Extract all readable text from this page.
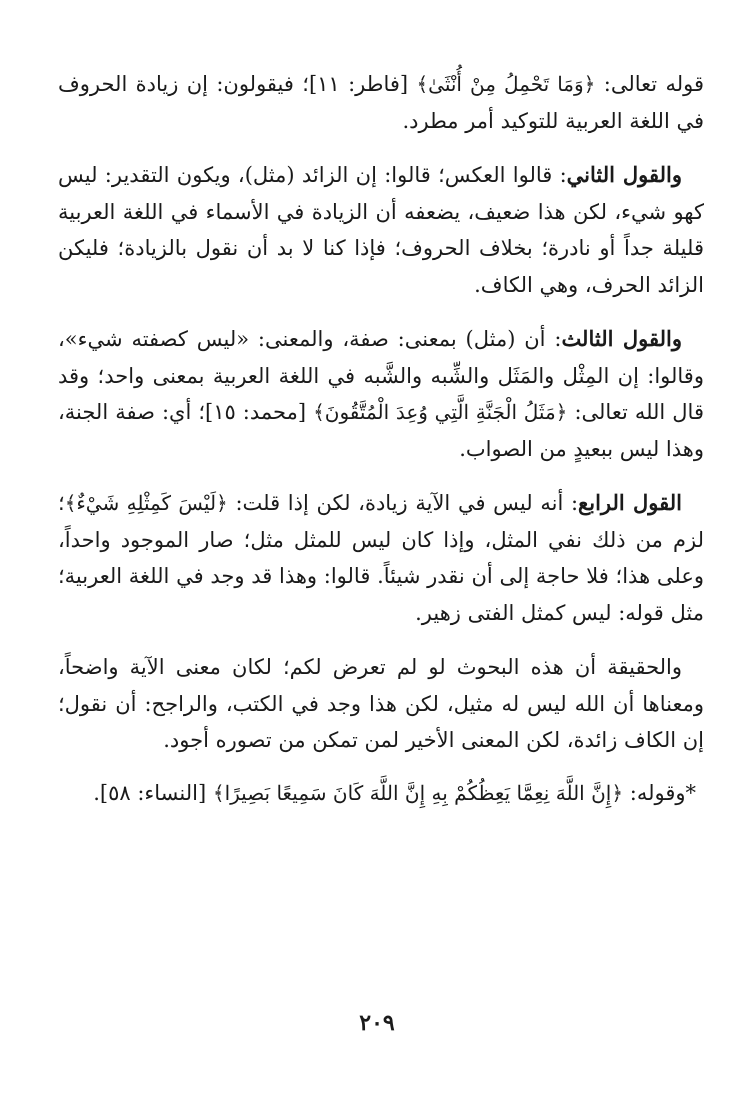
قوله تعالى: ﴿وَمَا تَحْمِلُ مِنْ أُنْثَىٰ﴾ [فاطر: ١١]؛ فيقولون: إن زيادة الحروف في اللغة العربية للتوكيد أمر مطرد.

والقول الثاني: قالوا العكس؛ قالوا: إن الزائد (مثل)، ويكون التقدير: ليس كهو شيء، لكن هذا ضعيف، يضعفه أن الزيادة في الأسماء في اللغة العربية قليلة جداً أو نادرة؛ بخلاف الحروف؛ فإذا كنا لا بد أن نقول بالزيادة؛ فليكن الزائد الحرف، وهي الكاف.

والقول الثالث: أن (مثل) بمعنى: صفة، والمعنى: «ليس كصفته شيء»، وقالوا: إن المِثْل والمَثَل والشِّبه والشَّبه في اللغة العربية بمعنى واحد؛ وقد قال الله تعالى: ﴿مَثَلُ الْجَنَّةِ الَّتِي وُعِدَ الْمُتَّقُونَ﴾ [محمد: ١٥]؛ أي: صفة الجنة، وهذا ليس ببعيدٍ من الصواب.

القول الرابع: أنه ليس في الآية زيادة، لكن إذا قلت: ﴿لَيْسَ كَمِثْلِهِ شَيْءٌ﴾؛ لزم من ذلك نفي المثل، وإذا كان ليس للمثل مثل؛ صار الموجود واحداً، وعلى هذا؛ فلا حاجة إلى أن نقدر شيئاً. قالوا: وهذا قد وجد في اللغة العربية؛ مثل قوله: ليس كمثل الفتى زهير.

والحقيقة أن هذه البحوث لو لم تعرض لكم؛ لكان معنى الآية واضحاً، ومعناها أن الله ليس له مثيل، لكن هذا وجد في الكتب، والراجح: أن نقول؛ إن الكاف زائدة، لكن المعنى الأخير لمن تمكن من تصوره أجود.

*وقوله: ﴿إِنَّ اللَّهَ نِعِمَّا يَعِظُكُمْ بِهِ إِنَّ اللَّهَ كَانَ سَمِيعًا بَصِيرًا﴾ [النساء: ٥٨].

٢٠٩
